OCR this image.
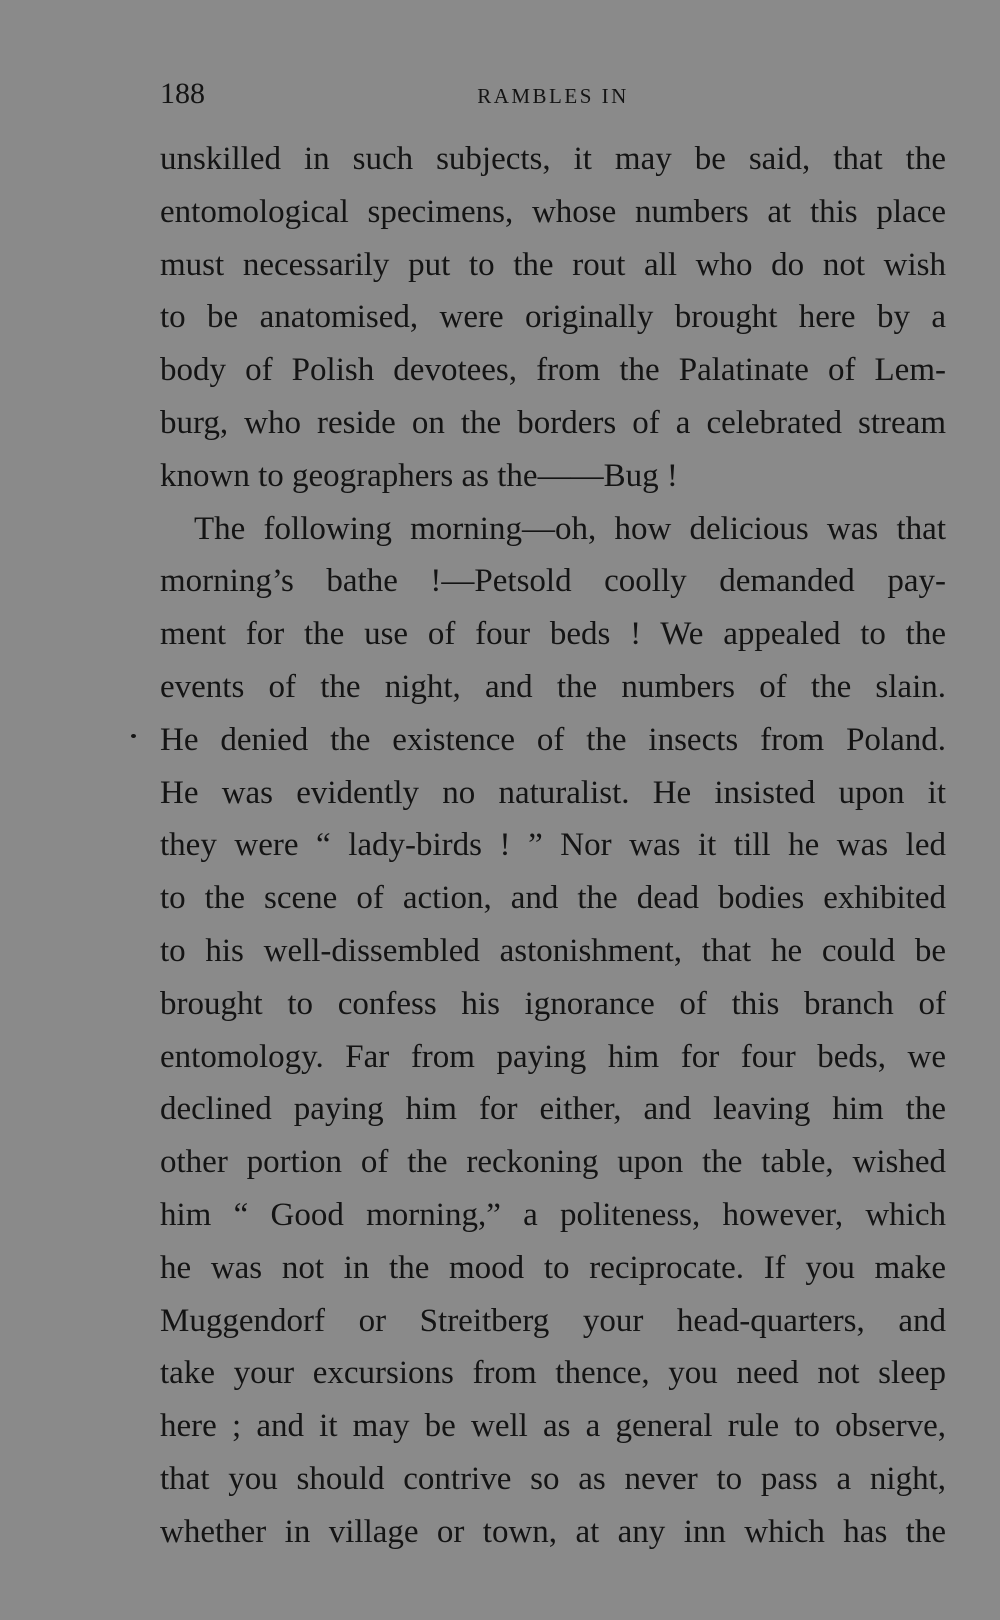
188	RAMBLES IN
unskilled in such subjects, it may be said, that the
entomological specimens, whose numbers at this place
must necessarily put to the rout all who do not wish
to be anatomised, were originally brought here by a
body of Polish devotees, from the Palatinate of Lem-
burg, who reside on the borders of a celebrated stream
known to geographers as the——Bug !
The following morning—oh, how delicious was that
morning’s bathe !—Petsold coolly demanded pay-
ment for the use of four beds ! We appealed to the
events of the night, and the numbers of the slain.
He denied the existence of the insects from Poland.
He was evidently no naturalist. He insisted upon it
they were “ lady-birds ! ” Nor was it till he was led
to the scene of action, and the dead bodies exhibited
to his well-dissembled astonishment, that he could be
brought to confess his ignorance of this branch of
entomology. Far from paying him for four beds, we
declined paying him for either, and leaving him the
other portion of the reckoning upon the table, wished
him “ Good morning,” a politeness, however, which
he was not in the mood to reciprocate. If you make
Muggendorf or Streitberg your head-quarters, and
take your excursions from thence, you need not sleep
here ; and it may be well as a general rule to observe,
that you should contrive so as never to pass a night,
whether in village or town, at any inn which has the
